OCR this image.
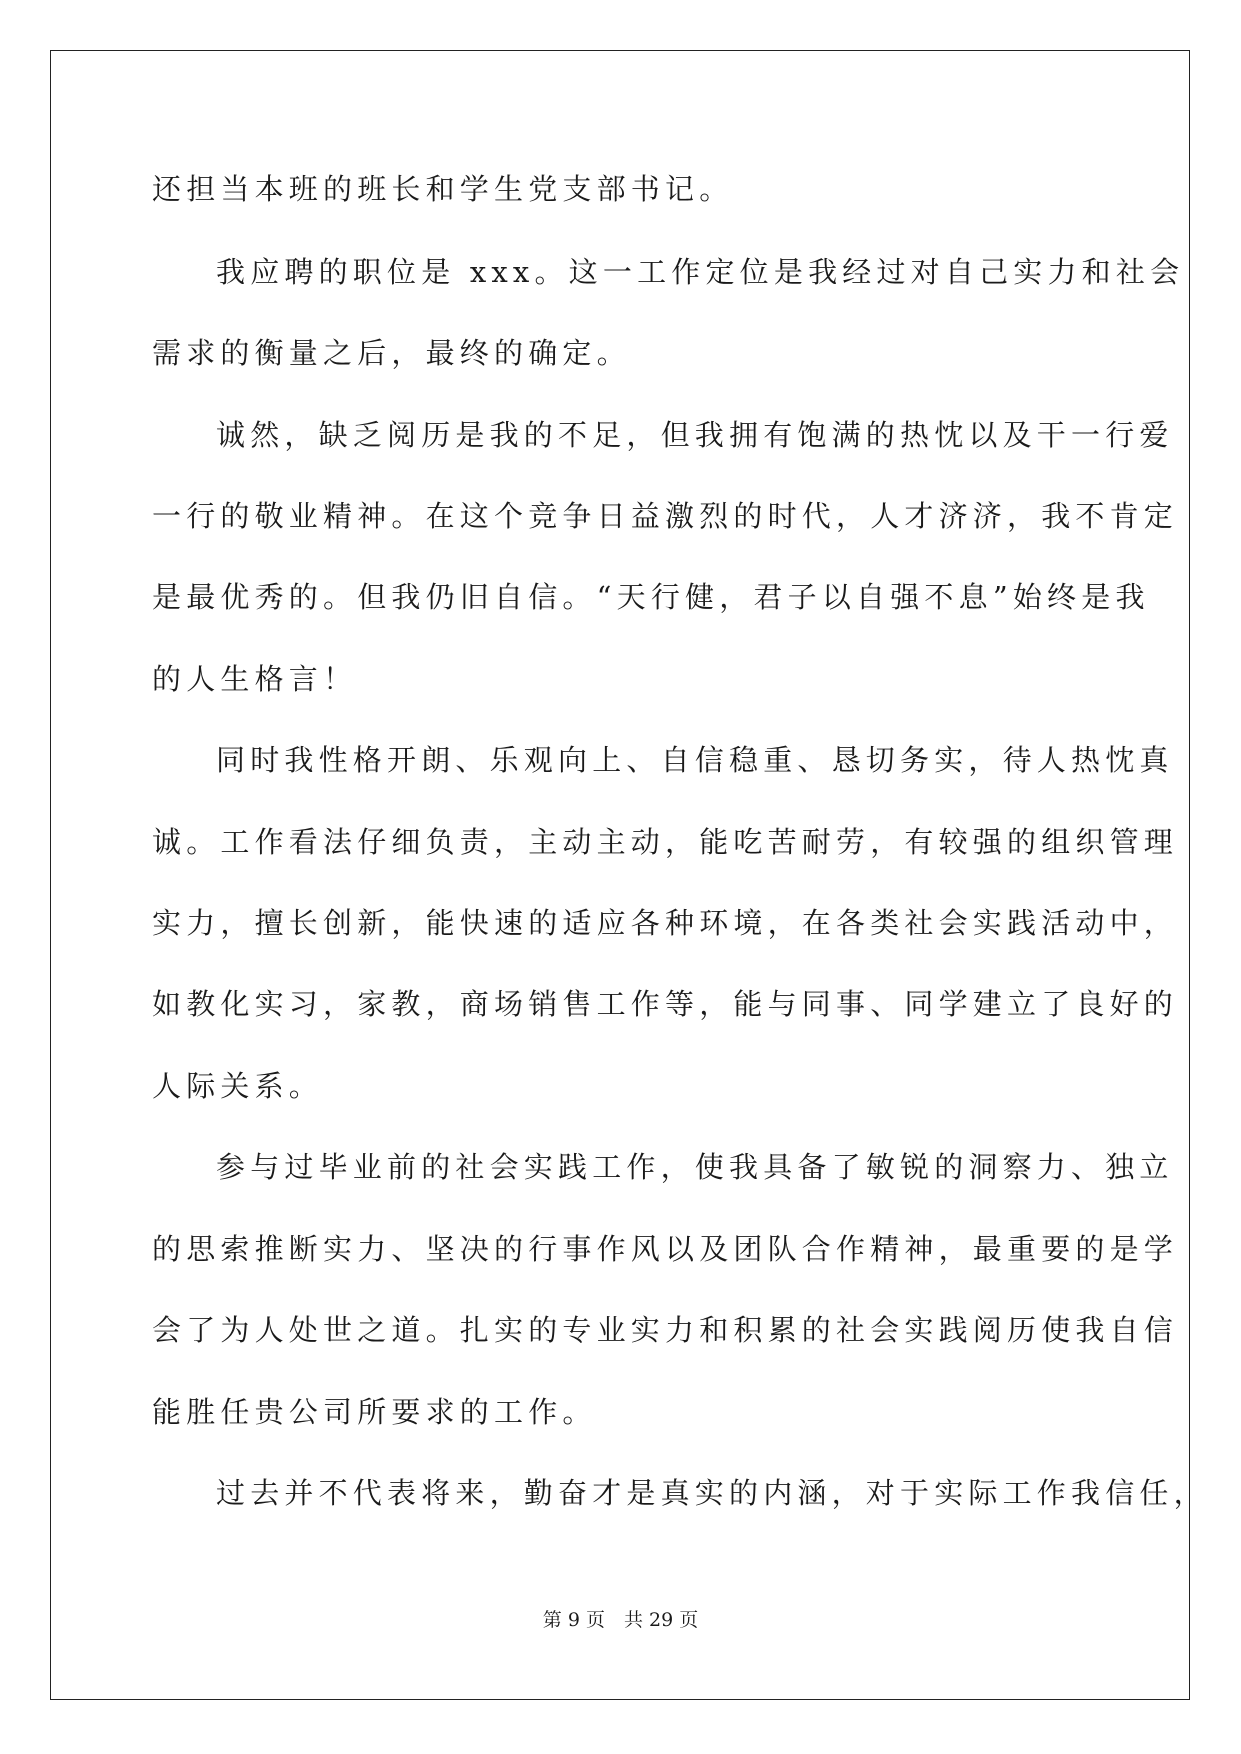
还担当本班的班长和学生党支部书记。

我应聘的职位是 xxx。这一工作定位是我经过对自己实力和社会

需求的衡量之后，最终的确定。

诚然，缺乏阅历是我的不足，但我拥有饱满的热忱以及干一行爱

一行的敬业精神。在这个竞争日益激烈的时代，人才济济，我不肯定

是最优秀的。但我仍旧自信。“天行健，君子以自强不息”始终是我

的人生格言！

同时我性格开朗、乐观向上、自信稳重、恳切务实，待人热忱真

诚。工作看法仔细负责，主动主动，能吃苦耐劳，有较强的组织管理

实力，擅长创新，能快速的适应各种环境，在各类社会实践活动中，

如教化实习，家教，商场销售工作等，能与同事、同学建立了良好的

人际关系。

参与过毕业前的社会实践工作，使我具备了敏锐的洞察力、独立

的思索推断实力、坚决的行事作风以及团队合作精神，最重要的是学

会了为人处世之道。扎实的专业实力和积累的社会实践阅历使我自信

能胜任贵公司所要求的工作。

过去并不代表将来，勤奋才是真实的内涵，对于实际工作我信任，

第 9 页　共 29 页
